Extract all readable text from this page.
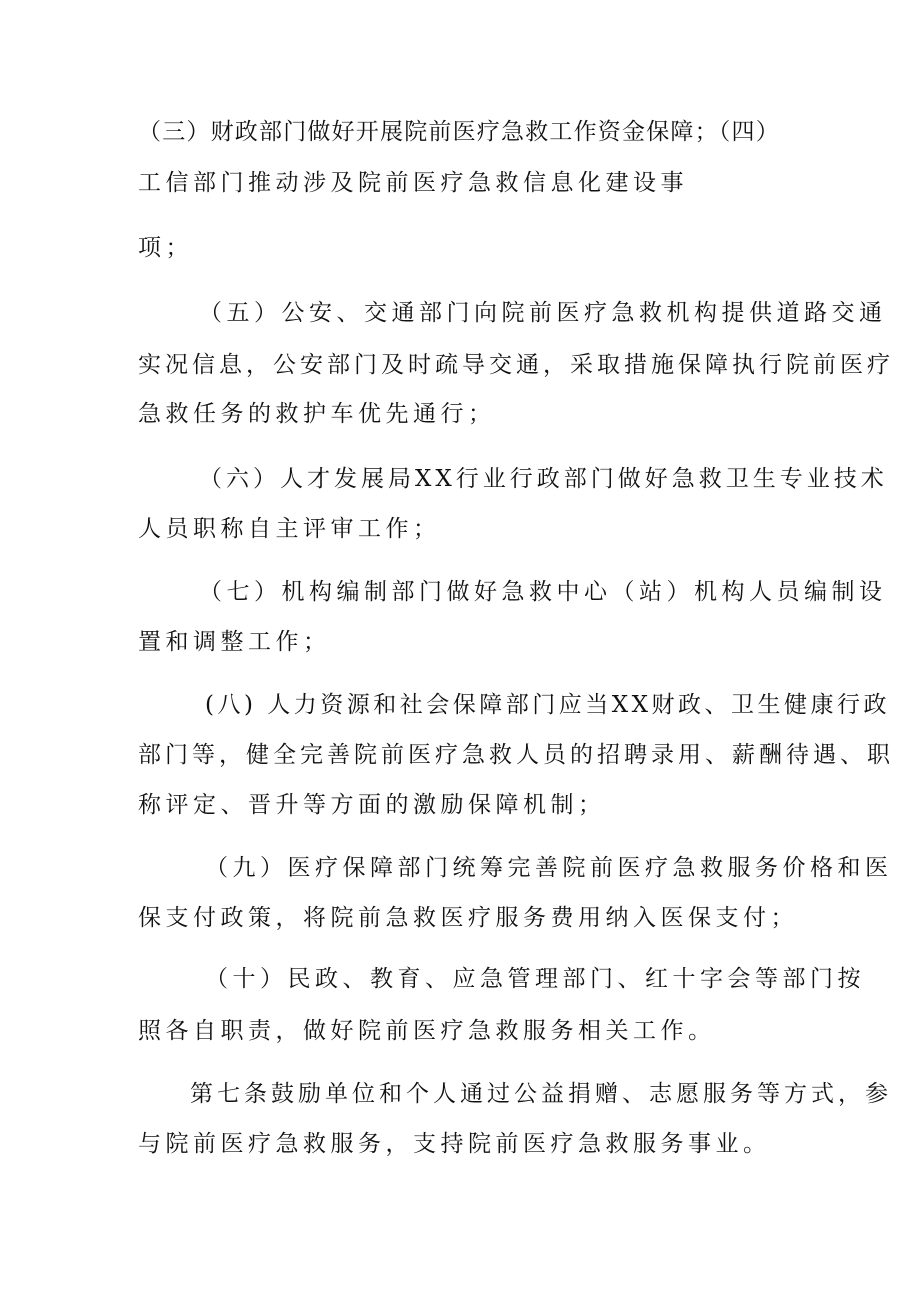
（三）财政部门做好开展院前医疗急救工作资金保障；（四）
工信部门推动涉及院前医疗急救信息化建设事
项；
（五）公安、交通部门向院前医疗急救机构提供道路交通
实况信息，公安部门及时疏导交通，采取措施保障执行院前医疗
急救任务的救护车优先通行；
（六）人才发展局XX行业行政部门做好急救卫生专业技术
人员职称自主评审工作；
（七）机构编制部门做好急救中心（站）机构人员编制设
置和调整工作；
(八) 人力资源和社会保障部门应当XX财政、卫生健康行政
部门等，健全完善院前医疗急救人员的招聘录用、薪酬待遇、职
称评定、晋升等方面的激励保障机制；
（九）医疗保障部门统筹完善院前医疗急救服务价格和医
保支付政策，将院前急救医疗服务费用纳入医保支付；
（十）民政、教育、应急管理部门、红十字会等部门按
照各自职责，做好院前医疗急救服务相关工作。
第七条鼓励单位和个人通过公益捐赠、志愿服务等方式，参
与院前医疗急救服务，支持院前医疗急救服务事业。
